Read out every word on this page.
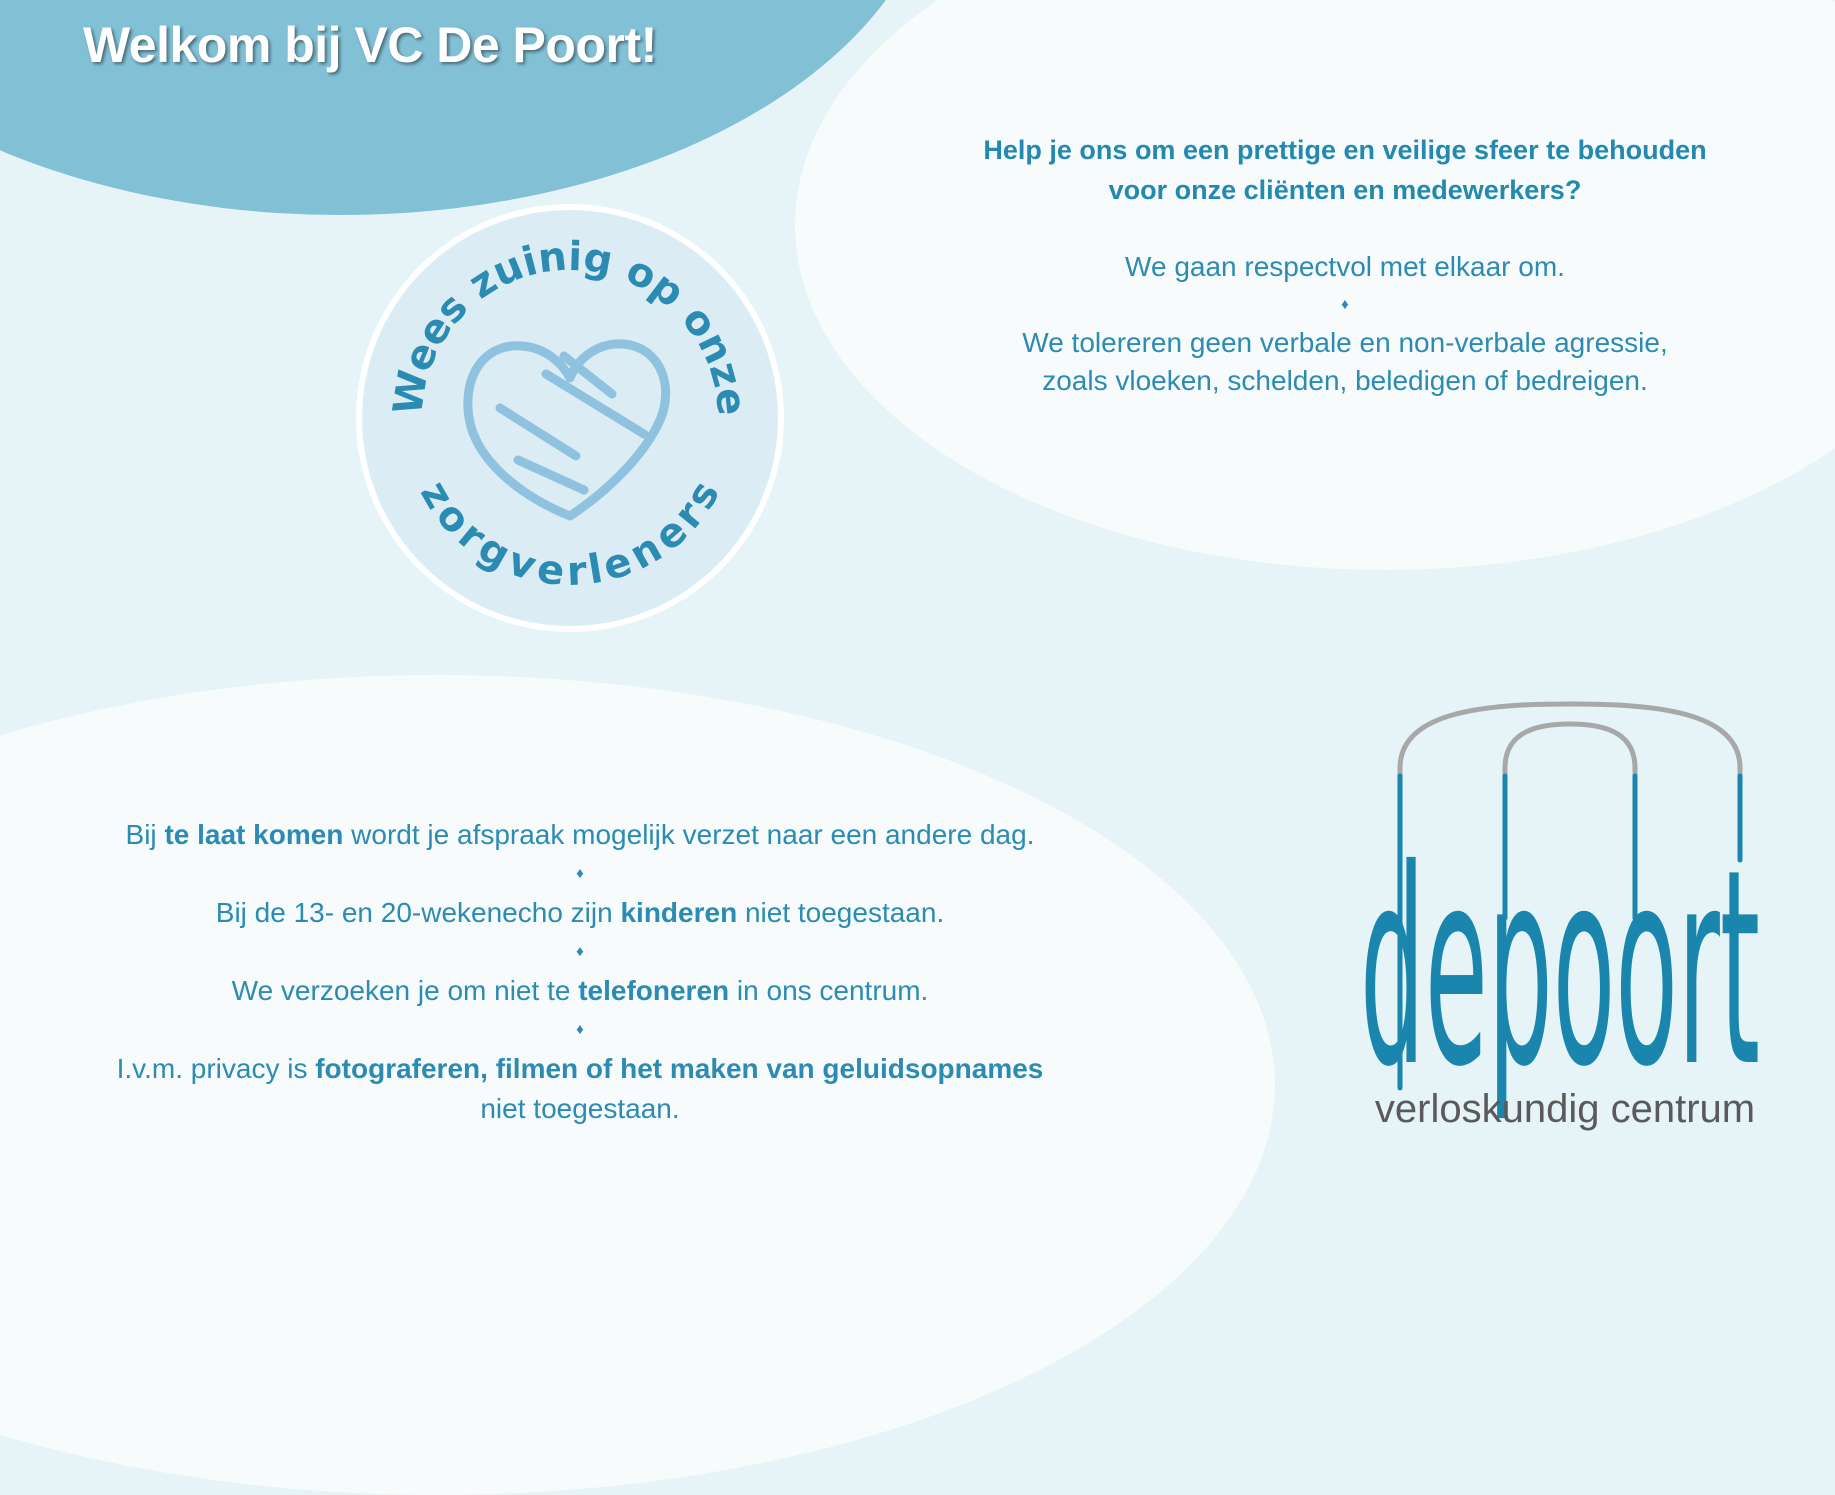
Welkom bij VC De Poort!
Wees zuinig op onze
zorgverleners
Help je ons om een prettige en veilige sfeer te behouden
voor onze cliënten en medewerkers?
We gaan respectvol met elkaar om.
♦
We tolereren geen verbale en non-verbale agressie,
zoals vloeken, schelden, beledigen of bedreigen.
Bij te laat komen wordt je afspraak mogelijk verzet naar een andere dag.
♦
Bij de 13- en 20-wekenecho zijn kinderen niet toegestaan.
♦
We verzoeken je om niet te telefoneren in ons centrum.
♦
I.v.m. privacy is fotograferen, filmen of het maken van geluidsopnames
niet toegestaan.	depoort
verloskundig centrum
